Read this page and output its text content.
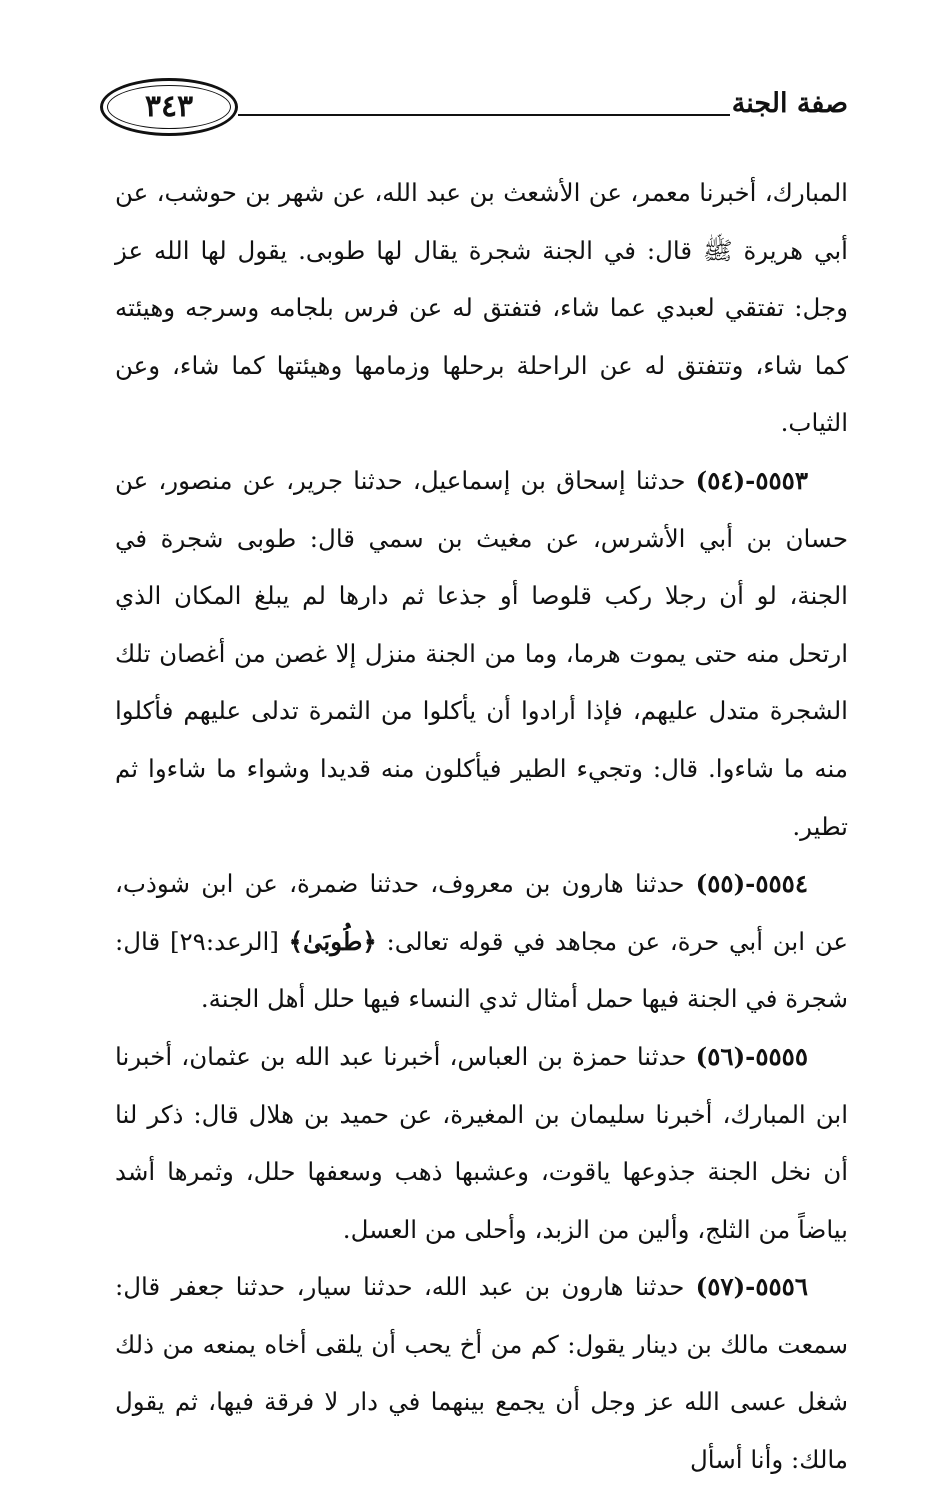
٣٤٣	صفة الجنة

المبارك، أخبرنا معمر، عن الأشعث بن عبد الله، عن شهر بن حوشب، عن أبي هريرة ﷺ قال: في الجنة شجرة يقال لها طوبى. يقول لها الله عز وجل: تفتقي لعبدي عما شاء، فتفتق له عن فرس بلجامه وسرجه وهيئته كما شاء، وتتفتق له عن الراحلة برحلها وزمامها وهيئتها كما شاء، وعن الثياب.

٥٥٥٣-(٥٤) حدثنا إسحاق بن إسماعيل، حدثنا جرير، عن منصور، عن حسان بن أبي الأشرس، عن مغيث بن سمي قال: طوبى شجرة في الجنة، لو أن رجلا ركب قلوصا أو جذعا ثم دارها لم يبلغ المكان الذي ارتحل منه حتى يموت هرما، وما من الجنة منزل إلا غصن من أغصان تلك الشجرة متدل عليهم، فإذا أرادوا أن يأكلوا من الثمرة تدلى عليهم فأكلوا منه ما شاءوا. قال: وتجيء الطير فيأكلون منه قديدا وشواء ما شاءوا ثم تطير.

٥٥٥٤-(٥٥) حدثنا هارون بن معروف، حدثنا ضمرة، عن ابن شوذب، عن ابن أبي حرة، عن مجاهد في قوله تعالى: ﴿طُوبَىٰ﴾ [الرعد:٢٩] قال: شجرة في الجنة فيها حمل أمثال ثدي النساء فيها حلل أهل الجنة.

٥٥٥٥-(٥٦) حدثنا حمزة بن العباس، أخبرنا عبد الله بن عثمان، أخبرنا ابن المبارك، أخبرنا سليمان بن المغيرة، عن حميد بن هلال قال: ذكر لنا أن نخل الجنة جذوعها ياقوت، وعشبها ذهب وسعفها حلل، وثمرها أشد بياضاً من الثلج، وألين من الزبد، وأحلى من العسل.

٥٥٥٦-(٥٧) حدثنا هارون بن عبد الله، حدثنا سيار، حدثنا جعفر قال: سمعت مالك بن دينار يقول: كم من أخ يحب أن يلقى أخاه يمنعه من ذلك شغل عسى الله عز وجل أن يجمع بينهما في دار لا فرقة فيها، ثم يقول مالك: وأنا أسأل
